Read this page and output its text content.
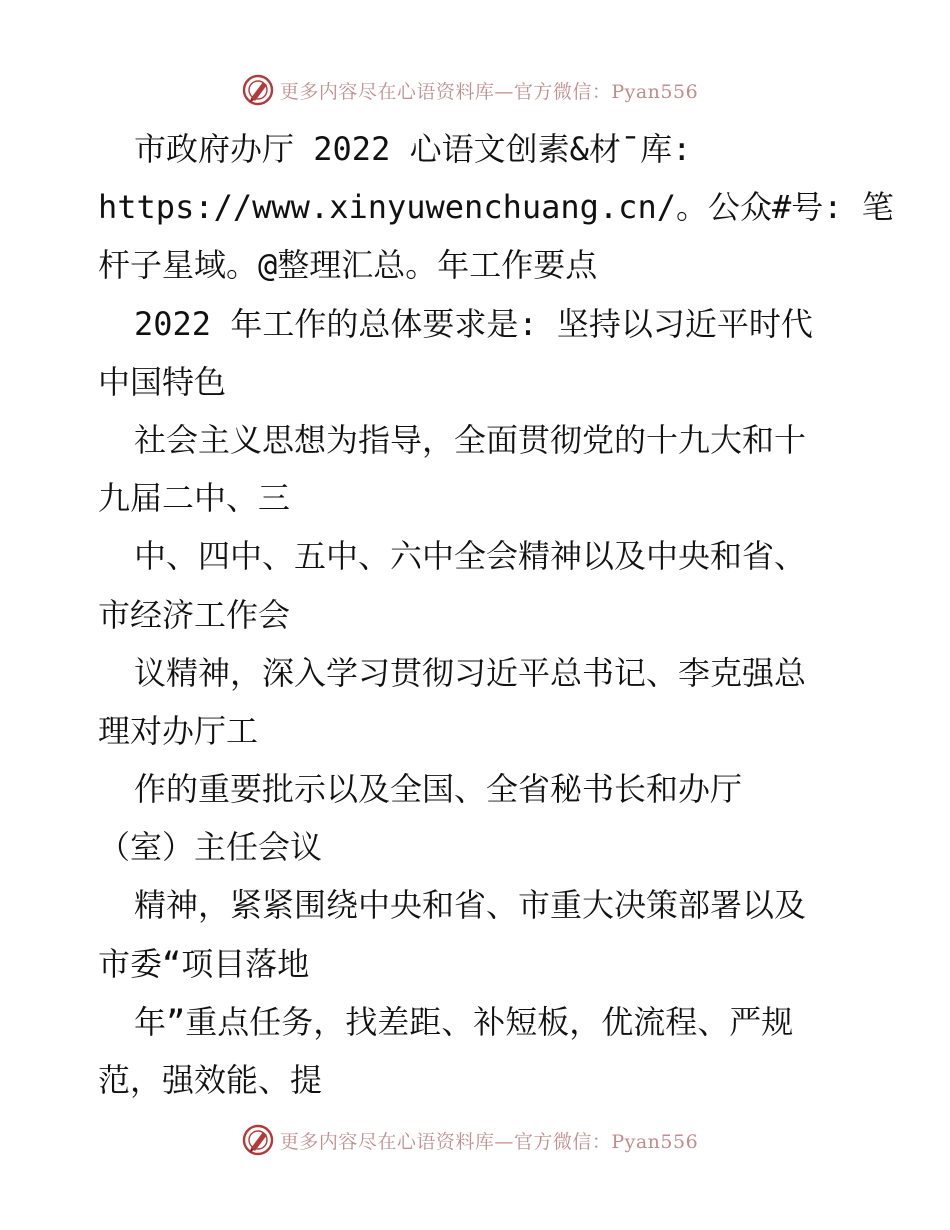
更多内容尽在心语资料库—官方微信：Pyan556
市政府办厅 2022 心语文创素&材¯库:
https://www.xinyuwenchuang.cn/。公众#号: 笔
杆子星域。@整理汇总。年工作要点
2022 年工作的总体要求是: 坚持以习近平时代
中国特色
社会主义思想为指导，全面贯彻党的十九大和十
九届二中、三
中、四中、五中、六中全会精神以及中央和省、
市经济工作会
议精神，深入学习贯彻习近平总书记、李克强总
理对办厅工
作的重要批示以及全国、全省秘书长和办厅
（室）主任会议
精神，紧紧围绕中央和省、市重大决策部署以及
市委“项目落地
年”重点任务，找差距、补短板，优流程、严规
范，强效能、提
更多内容尽在心语资料库—官方微信：Pyan556
